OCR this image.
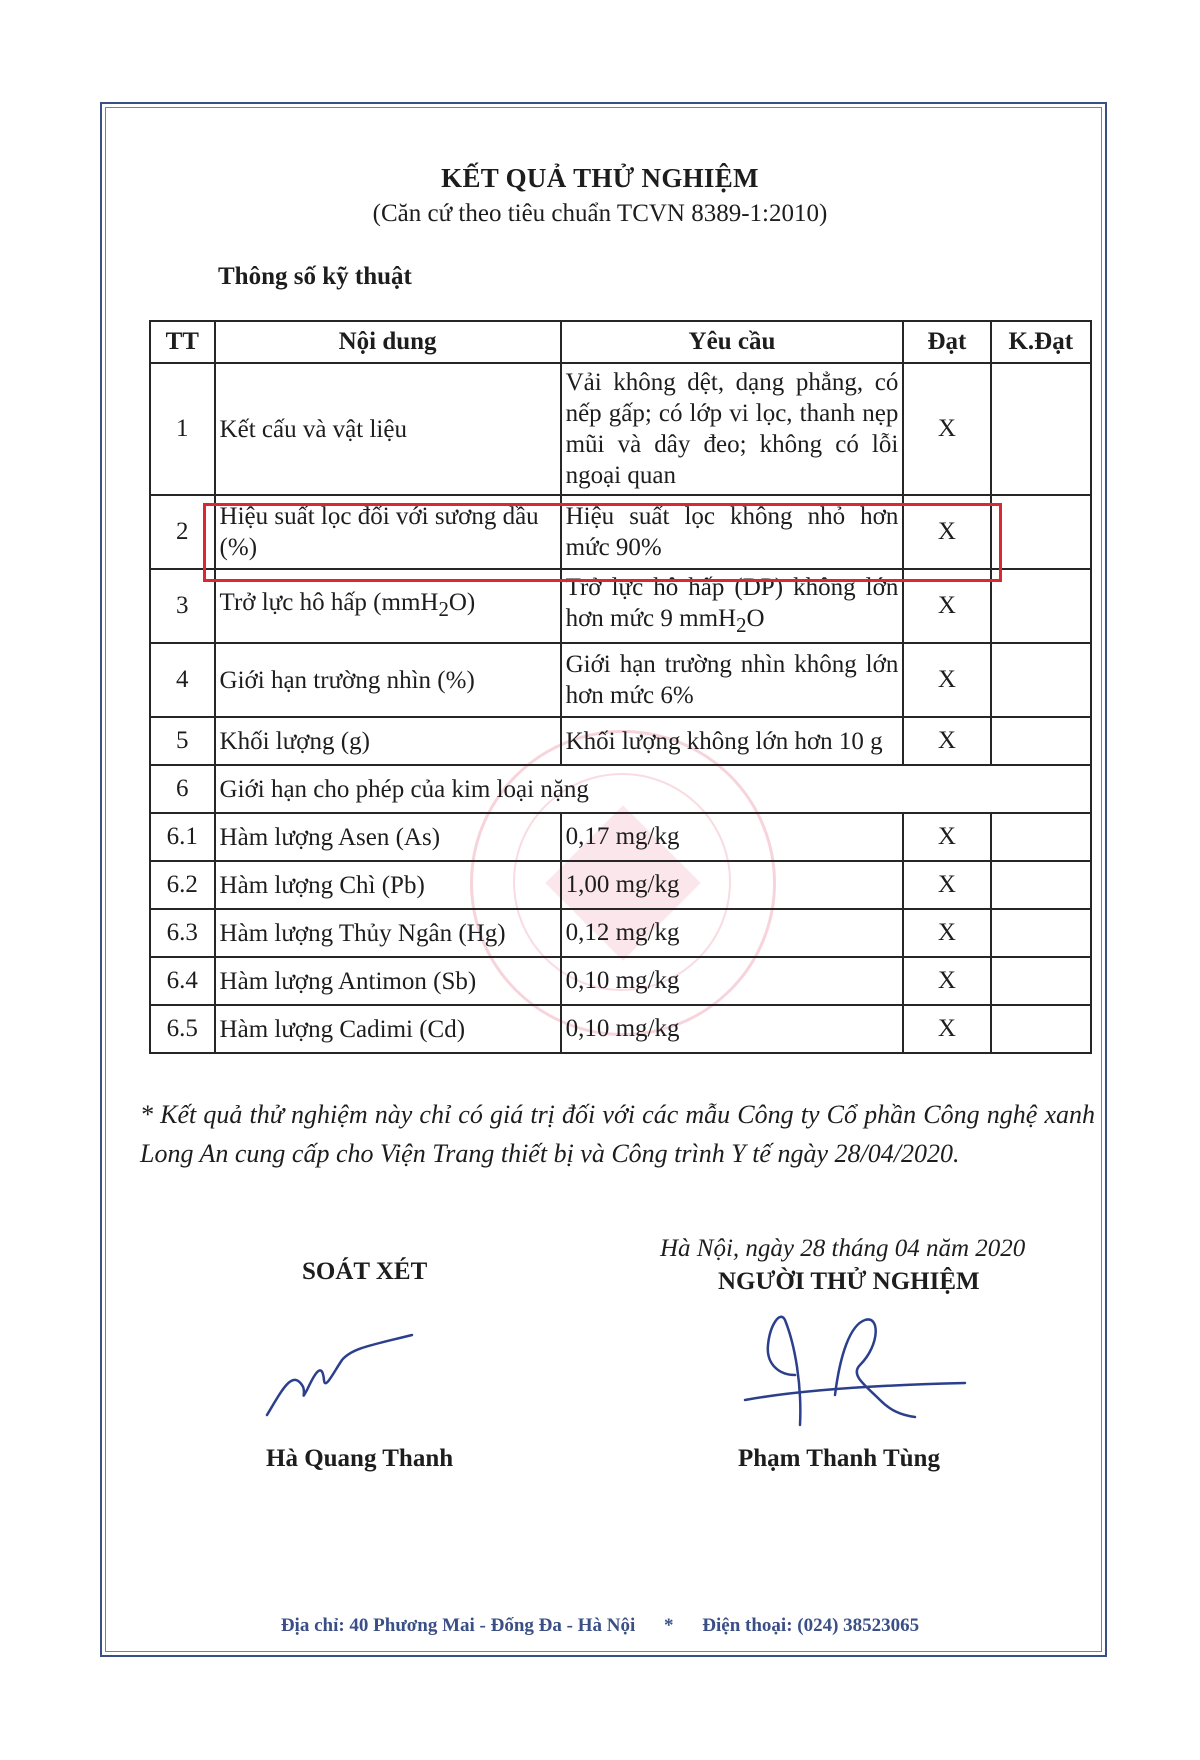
KẾT QUẢ THỬ NGHIỆM
(Căn cứ theo tiêu chuẩn TCVN 8389-1:2010)
Thông số kỹ thuật
TT	Nội dung	Yêu cầu	Đạt	K.Đạt
1	Kết cấu và vật liệu	Vải không dệt, dạng phẳng, có nếp gấp; có lớp vi lọc, thanh nẹp mũi và dây đeo; không có lỗi ngoại quan	X	
2	Hiệu suất lọc đối với sương dầu (%)	Hiệu suất lọc không nhỏ hơn mức 90%	X	
3	Trở lực hô hấp (mmH$_2$O)	Trở lực hô hấp (DP) không lớn hơn mức 9 mmH$_2$O	X	
4	Giới hạn trường nhìn (%)	Giới hạn trường nhìn không lớn hơn mức 6%	X	
5	Khối lượng (g)	Khối lượng không lớn hơn 10 g	X	
6	Giới hạn cho phép của kim loại nặng			
6.1	Hàm lượng Asen (As)	0,17 mg/kg	X	
6.2	Hàm lượng Chì (Pb)	1,00 mg/kg	X	
6.3	Hàm lượng Thủy Ngân (Hg)	0,12 mg/kg	X	
6.4	Hàm lượng Antimon (Sb)	0,10 mg/kg	X	
6.5	Hàm lượng Cadimi (Cd)	0,10 mg/kg	X	
* Kết quả thử nghiệm này chỉ có giá trị đối với các mẫu Công ty Cổ phần Công nghệ xanh Long An cung cấp cho Viện Trang thiết bị và Công trình Y tế ngày 28/04/2020.
Hà Nội, ngày 28 tháng 04 năm 2020
SOÁT XÉT	NGƯỜI THỬ NGHIỆM
Hà Quang Thanh	Phạm Thanh Tùng
Địa chỉ: 40 Phương Mai - Đống Đa - Hà Nội * Điện thoại: (024) 38523065
